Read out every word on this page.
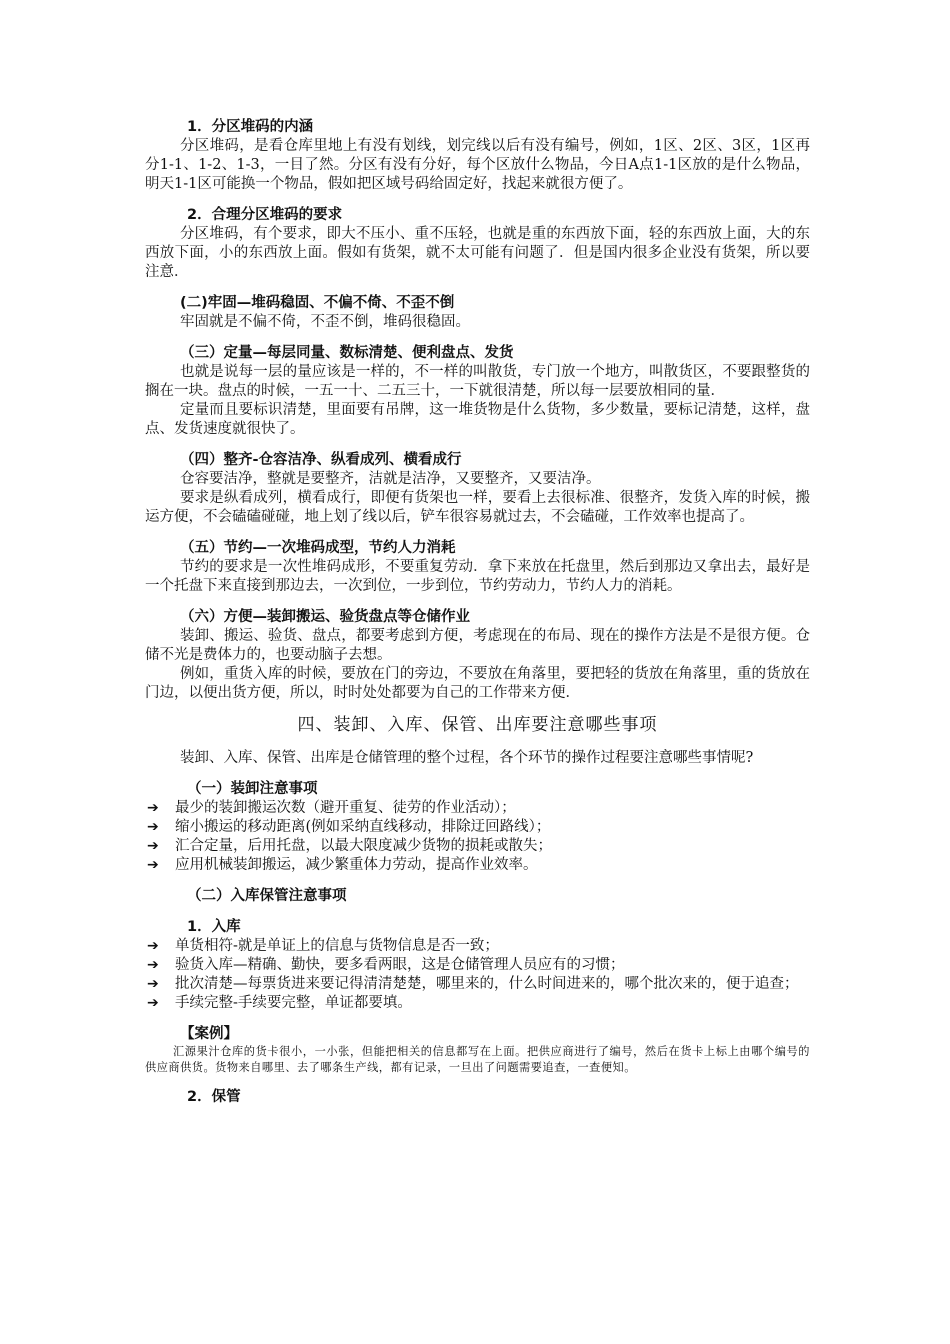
1．分区堆码的内涵
分区堆码，是看仓库里地上有没有划线，划完线以后有没有编号，例如，1区、2区、3区，1区再分1-1、1-2、1-3，一目了然。分区有没有分好，每个区放什么物品，今日A点1-1区放的是什么物品，明天1-1区可能换一个物品，假如把区域号码给固定好，找起来就很方便了。
2．合理分区堆码的要求
分区堆码，有个要求，即大不压小、重不压轻，也就是重的东西放下面，轻的东西放上面，大的东西放下面，小的东西放上面。假如有货架，就不太可能有问题了．但是国内很多企业没有货架，所以要注意．
(二)牢固—堆码稳固、不偏不倚、不歪不倒
牢固就是不偏不倚，不歪不倒，堆码很稳固。
（三）定量—每层同量、数标清楚、便利盘点、发货
也就是说每一层的量应该是一样的，不一样的叫散货，专门放一个地方，叫散货区，不要跟整货的搁在一块。盘点的时候，一五一十、二五三十，一下就很清楚，所以每一层要放相同的量．
定量而且要标识清楚，里面要有吊牌，这一堆货物是什么货物，多少数量，要标记清楚，这样，盘点、发货速度就很快了。
（四）整齐-仓容洁净、纵看成列、横看成行
仓容要洁净，整就是要整齐，洁就是洁净，又要整齐，又要洁净。
要求是纵看成列，横看成行，即便有货架也一样，要看上去很标准、很整齐，发货入库的时候，搬运方便，不会磕磕碰碰，地上划了线以后，铲车很容易就过去，不会磕碰，工作效率也提高了。
（五）节约—一次堆码成型，节约人力消耗
节约的要求是一次性堆码成形，不要重复劳动．拿下来放在托盘里，然后到那边又拿出去，最好是一个托盘下来直接到那边去，一次到位，一步到位，节约劳动力，节约人力的消耗。
（六）方便—装卸搬运、验货盘点等仓储作业
装卸、搬运、验货、盘点，都要考虑到方便，考虑现在的布局、现在的操作方法是不是很方便。仓储不光是费体力的，也要动脑子去想。
例如，重货入库的时候，要放在门的旁边，不要放在角落里，要把轻的货放在角落里，重的货放在门边，以便出货方便，所以，时时处处都要为自己的工作带来方便．
四、装卸、入库、保管、出库要注意哪些事项
装卸、入库、保管、出库是仓储管理的整个过程，各个环节的操作过程要注意哪些事情呢?
（一）装卸注意事项
➔	最少的装卸搬运次数（避开重复、徒劳的作业活动）；
➔	缩小搬运的移动距离(例如采纳直线移动，排除迂回路线）；
➔	汇合定量，后用托盘，以最大限度减少货物的损耗或散失；
➔	应用机械装卸搬运，减少繁重体力劳动，提高作业效率。
（二）入库保管注意事项
1．入库
➔	单货相符-就是单证上的信息与货物信息是否一致；
➔	验货入库—精确、勤快，要多看两眼，这是仓储管理人员应有的习惯；
➔	批次清楚—每票货进来要记得清清楚楚，哪里来的，什么时间进来的，哪个批次来的，便于追查；
➔	手续完整-手续要完整，单证都要填。
【案例】
汇源果汁仓库的货卡很小，一小张，但能把相关的信息都写在上面。把供应商进行了编号，然后在货卡上标上由哪个编号的供应商供货。货物来自哪里、去了哪条生产线，都有记录，一旦出了问题需要追查，一查便知。
2．保管
